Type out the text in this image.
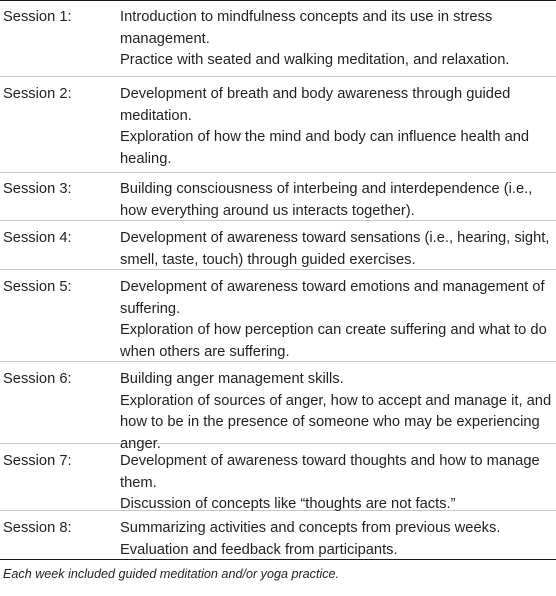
Session 1:	Introduction to mindfulness concepts and its use in stress management.
Practice with seated and walking meditation, and relaxation.
Session 2:	Development of breath and body awareness through guided meditation.
Exploration of how the mind and body can influence health and healing.
Session 3:	Building consciousness of interbeing and interdependence (i.e., how everything around us interacts together).
Session 4:	Development of awareness toward sensations (i.e., hearing, sight, smell, taste, touch) through guided exercises.
Session 5:	Development of awareness toward emotions and management of suffering.
Exploration of how perception can create suffering and what to do when others are suffering.
Session 6:	Building anger management skills.
Exploration of sources of anger, how to accept and manage it, and how to be in the presence of someone who may be experiencing anger.
Session 7:	Development of awareness toward thoughts and how to manage them.
Discussion of concepts like “thoughts are not facts.”
Session 8:	Summarizing activities and concepts from previous weeks.
Evaluation and feedback from participants.
Each week included guided meditation and/or yoga practice.
